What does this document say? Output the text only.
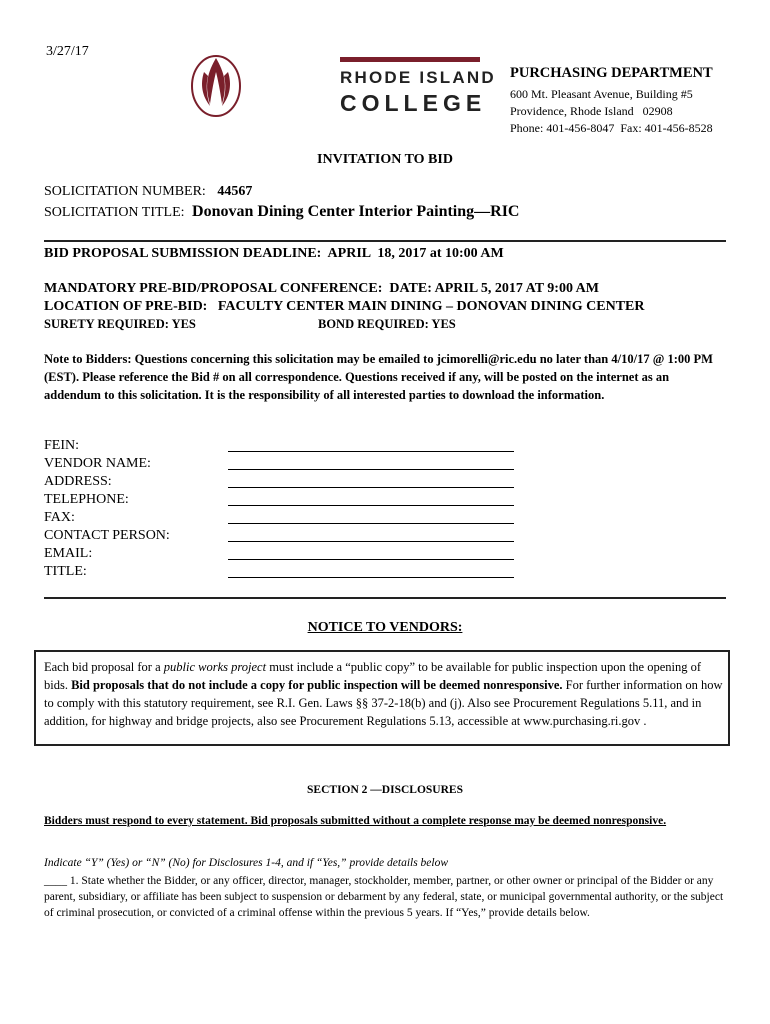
3/27/17
RHODE ISLAND
COLLEGE
PURCHASING DEPARTMENT
600 Mt. Pleasant Avenue, Building #5
Providence, Rhode Island   02908
Phone: 401-456-8047  Fax: 401-456-8528
INVITATION TO BID
SOLICITATION NUMBER: 44567
SOLICITATION TITLE: Donovan Dining Center Interior Painting—RIC
BID PROPOSAL SUBMISSION DEADLINE:  APRIL  18, 2017 at 10:00 AM
MANDATORY PRE-BID/PROPOSAL CONFERENCE:  DATE: APRIL 5, 2017 AT 9:00 AM
LOCATION OF PRE-BID:   FACULTY CENTER MAIN DINING – DONOVAN DINING CENTER
SURETY REQUIRED: YES	BOND REQUIRED: YES
Note to Bidders: Questions concerning this solicitation may be emailed to jcimorelli@ric.edu no later than 4/10/17 @ 1:00 PM (EST). Please reference the Bid # on all correspondence. Questions received if any, will be posted on the internet as an addendum to this solicitation. It is the responsibility of all interested parties to download the information.
FEIN:
VENDOR NAME:
ADDRESS:
TELEPHONE:
FAX:
CONTACT PERSON:
EMAIL:
TITLE:
NOTICE TO VENDORS:
Each bid proposal for a public works project must include a “public copy” to be available for public inspection upon the opening of bids. Bid proposals that do not include a copy for public inspection will be deemed nonresponsive. For further information on how to comply with this statutory requirement, see R.I. Gen. Laws §§ 37-2-18(b) and (j). Also see Procurement Regulations 5.11, and in addition, for highway and bridge projects, also see Procurement Regulations 5.13, accessible at www.purchasing.ri.gov .
SECTION 2 —DISCLOSURES
Bidders must respond to every statement. Bid proposals submitted without a complete response may be deemed nonresponsive.
Indicate “Y” (Yes) or “N” (No) for Disclosures 1-4, and if “Yes,” provide details below
____ 1. State whether the Bidder, or any officer, director, manager, stockholder, member, partner, or other owner or principal of the Bidder or any parent, subsidiary, or affiliate has been subject to suspension or debarment by any federal, state, or municipal governmental authority, or the subject of criminal prosecution, or convicted of a criminal offense within the previous 5 years. If “Yes,” provide details below.
